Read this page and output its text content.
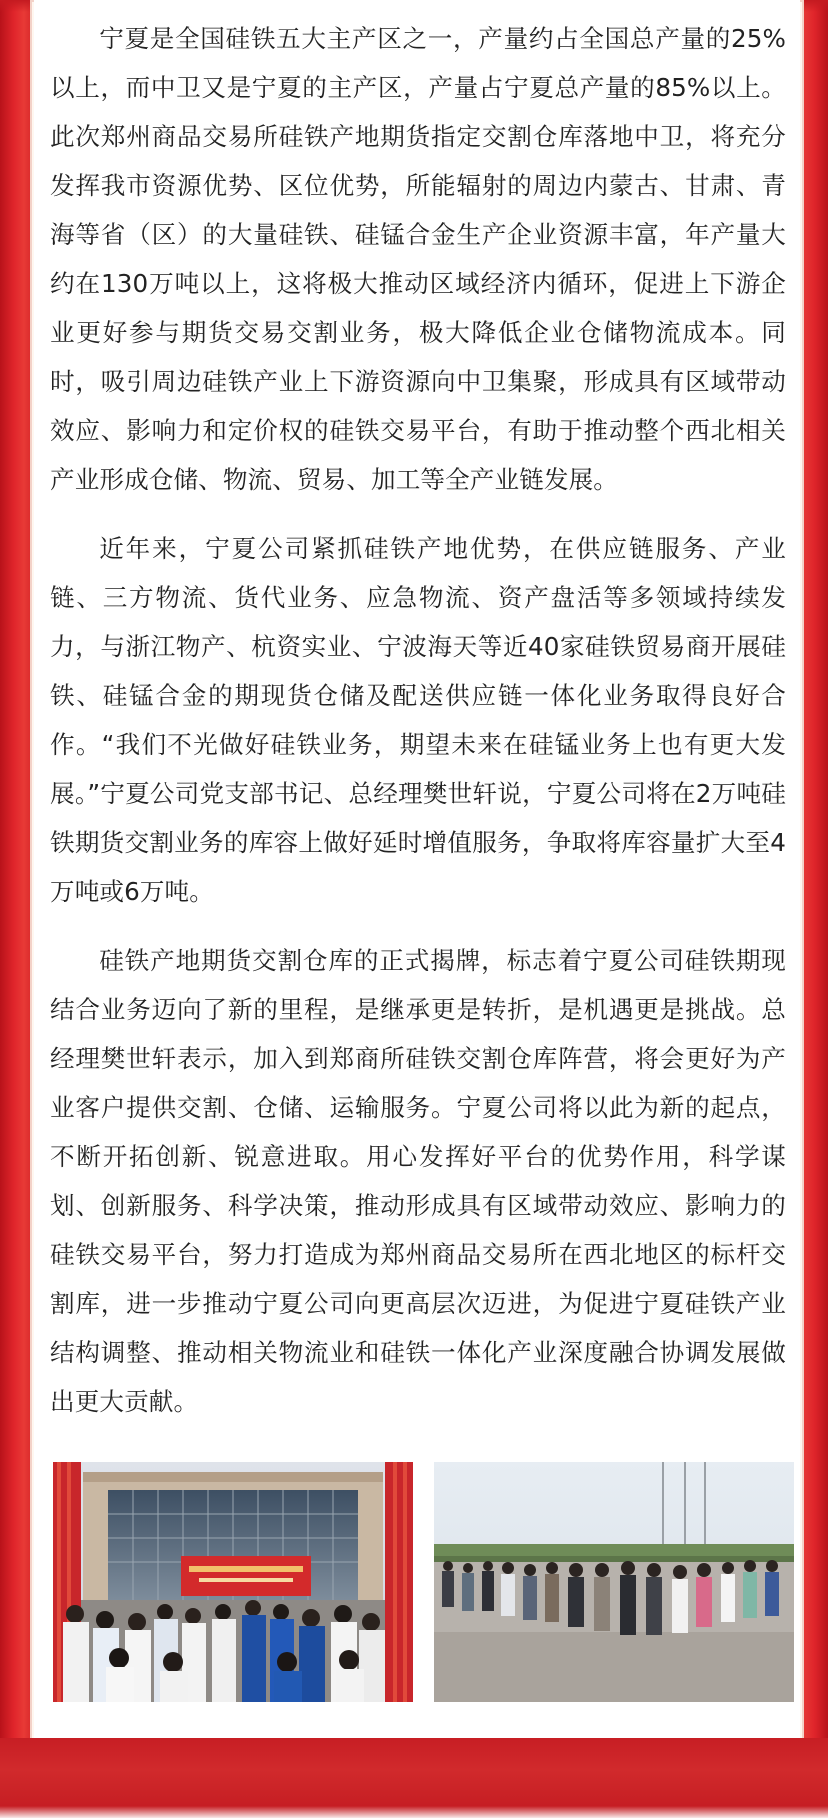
宁夏是全国硅铁五大主产区之一，产量约占全国总产量的25%以上，而中卫又是宁夏的主产区，产量占宁夏总产量的85%以上。此次郑州商品交易所硅铁产地期货指定交割仓库落地中卫，将充分发挥我市资源优势、区位优势，所能辐射的周边内蒙古、甘肃、青海等省（区）的大量硅铁、硅锰合金生产企业资源丰富，年产量大约在130万吨以上，这将极大推动区域经济内循环，促进上下游企业更好参与期货交易交割业务，极大降低企业仓储物流成本。同时，吸引周边硅铁产业上下游资源向中卫集聚，形成具有区域带动效应、影响力和定价权的硅铁交易平台，有助于推动整个西北相关产业形成仓储、物流、贸易、加工等全产业链发展。

近年来，宁夏公司紧抓硅铁产地优势，在供应链服务、产业链、三方物流、货代业务、应急物流、资产盘活等多领域持续发力，与浙江物产、杭资实业、宁波海天等近40家硅铁贸易商开展硅铁、硅锰合金的期现货仓储及配送供应链一体化业务取得良好合作。“我们不光做好硅铁业务，期望未来在硅锰业务上也有更大发展。”宁夏公司党支部书记、总经理樊世轩说，宁夏公司将在2万吨硅铁期货交割业务的库容上做好延时增值服务，争取将库容量扩大至4万吨或6万吨。

硅铁产地期货交割仓库的正式揭牌，标志着宁夏公司硅铁期现结合业务迈向了新的里程，是继承更是转折，是机遇更是挑战。总经理樊世轩表示，加入到郑商所硅铁交割仓库阵营，将会更好为产业客户提供交割、仓储、运输服务。宁夏公司将以此为新的起点，不断开拓创新、锐意进取。用心发挥好平台的优势作用，科学谋划、创新服务、科学决策，推动形成具有区域带动效应、影响力的硅铁交易平台，努力打造成为郑州商品交易所在西北地区的标杆交割库，进一步推动宁夏公司向更高层次迈进，为促进宁夏硅铁产业结构调整、推动相关物流业和硅铁一体化产业深度融合协调发展做出更大贡献。
